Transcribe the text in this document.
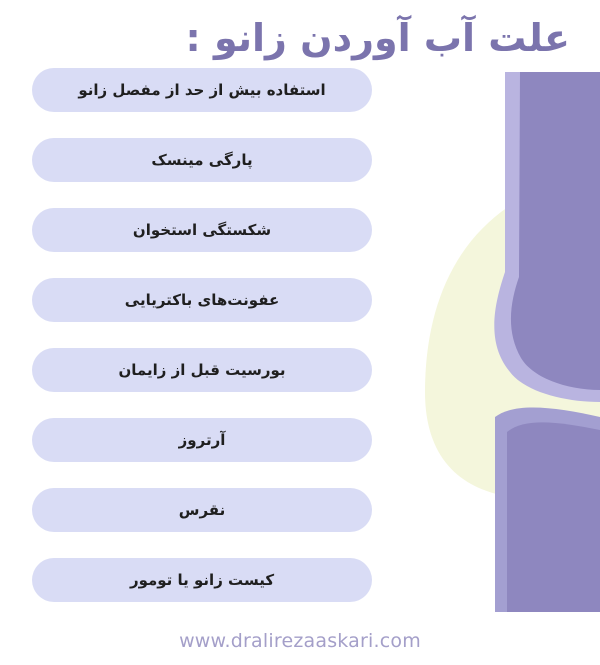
علت آب آوردن زانو :
استفاده بیش از حد از مفصل زانو
پارگی مینسک
شکستگی استخوان
عفونت‌های باکتریایی
بورسیت قبل از زایمان
آرتروز
نقرس
کیست زانو یا تومور
www.dralirezaaskari.com
